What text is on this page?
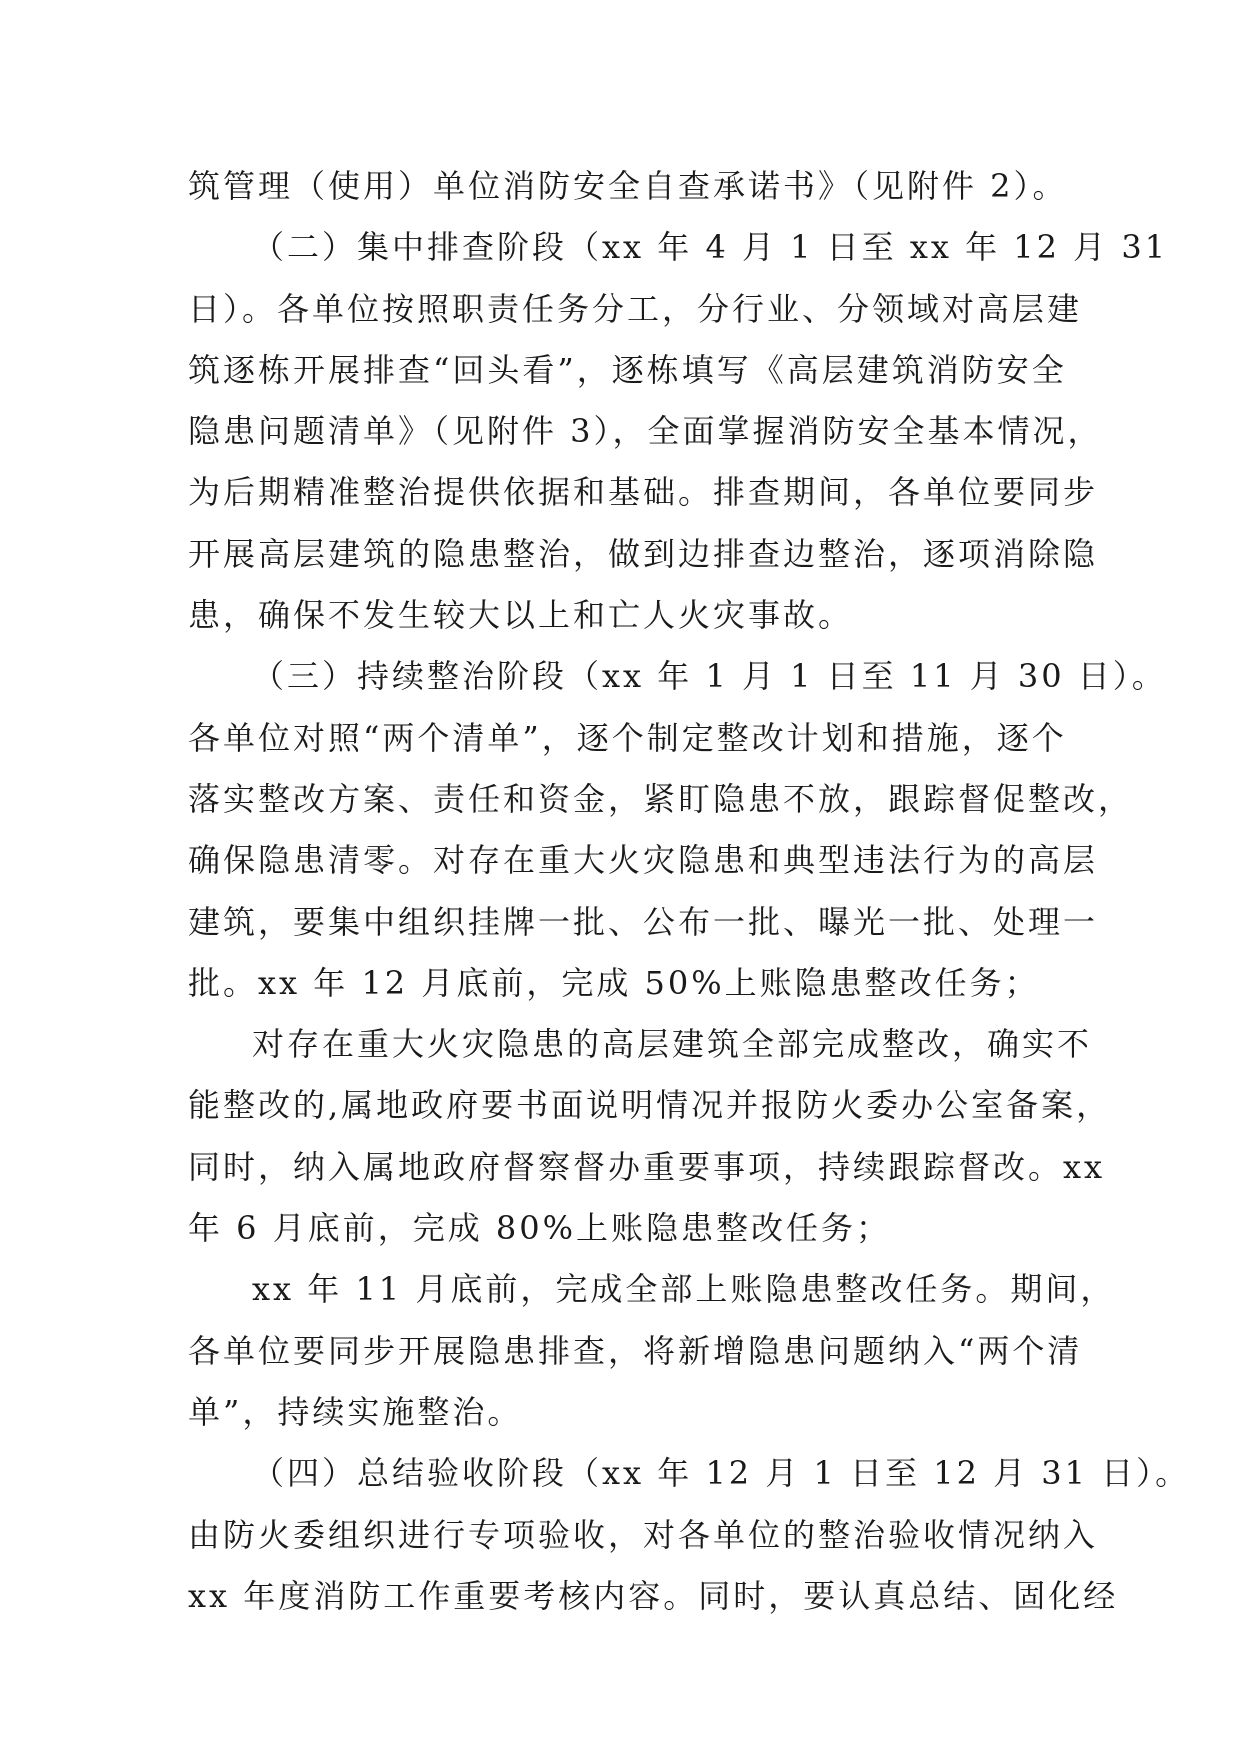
筑管理（使用）单位消防安全自查承诺书》（见附件 2）。
（二）集中排查阶段（xx 年 4 月 1 日至 xx 年 12 月 31
日）。各单位按照职责任务分工，分行业、分领域对高层建
筑逐栋开展排查“回头看”，逐栋填写《高层建筑消防安全
隐患问题清单》（见附件 3），全面掌握消防安全基本情况，
为后期精准整治提供依据和基础。排查期间，各单位要同步
开展高层建筑的隐患整治，做到边排查边整治，逐项消除隐
患，确保不发生较大以上和亡人火灾事故。
（三）持续整治阶段（xx 年 1 月 1 日至 11 月 30 日）。
各单位对照“两个清单”，逐个制定整改计划和措施，逐个
落实整改方案、责任和资金，紧盯隐患不放，跟踪督促整改，
确保隐患清零。对存在重大火灾隐患和典型违法行为的高层
建筑，要集中组织挂牌一批、公布一批、曝光一批、处理一
批。xx 年 12 月底前，完成 50%上账隐患整改任务；
对存在重大火灾隐患的高层建筑全部完成整改，确实不
能整改的,属地政府要书面说明情况并报防火委办公室备案，
同时，纳入属地政府督察督办重要事项，持续跟踪督改。xx
年 6 月底前，完成 80%上账隐患整改任务；
xx 年 11 月底前，完成全部上账隐患整改任务。期间，
各单位要同步开展隐患排查，将新增隐患问题纳入“两个清
单”，持续实施整治。
（四）总结验收阶段（xx 年 12 月 1 日至 12 月 31 日）。
由防火委组织进行专项验收，对各单位的整治验收情况纳入
xx 年度消防工作重要考核内容。同时，要认真总结、固化经
